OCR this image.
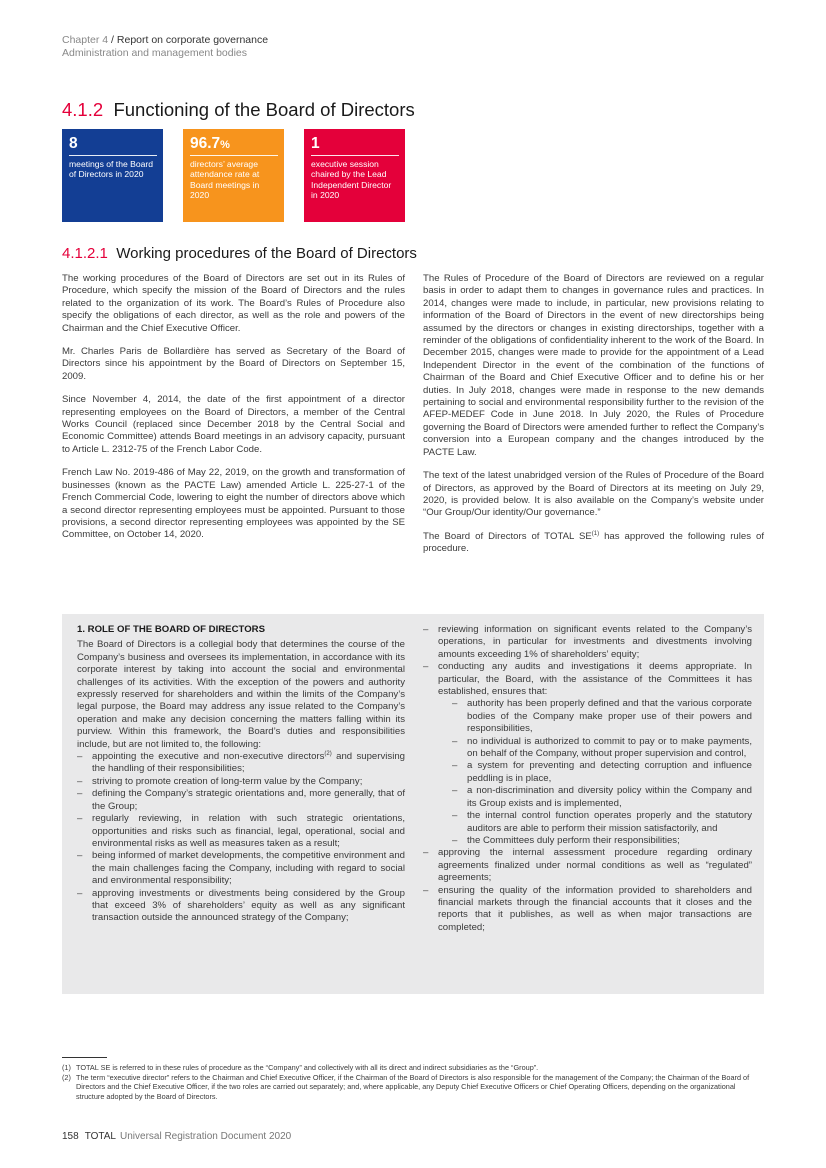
Chapter 4 / Report on corporate governance
Administration and management bodies
4.1.2 Functioning of the Board of Directors
8
meetings of the Board of Directors in 2020
96.7%
directors’ average attendance rate at Board meetings in 2020
1
executive session chaired by the Lead Independent Director in 2020
4.1.2.1 Working procedures of the Board of Directors

The working procedures of the Board of Directors are set out in its Rules of Procedure, which specify the mission of the Board of Directors and the rules related to the organization of its work. The Board’s Rules of Procedure also specify the obligations of each director, as well as the role and powers of the Chairman and the Chief Executive Officer.

Mr. Charles Paris de Bollardière has served as Secretary of the Board of Directors since his appointment by the Board of Directors on September 15, 2009.

Since November 4, 2014, the date of the first appointment of a director representing employees on the Board of Directors, a member of the Central Works Council (replaced since December 2018 by the Central Social and Economic Committee) attends Board meetings in an advisory capacity, pursuant to Article L. 2312-75 of the French Labor Code.

French Law No. 2019-486 of May 22, 2019, on the growth and transformation of businesses (known as the PACTE Law) amended Article L. 225-27-1 of the French Commercial Code, lowering to eight the number of directors above which a second director representing employees must be appointed. Pursuant to those provisions, a second director representing employees was appointed by the SE Committee, on October 14, 2020.

The Rules of Procedure of the Board of Directors are reviewed on a regular basis in order to adapt them to changes in governance rules and practices. In 2014, changes were made to include, in particular, new provisions relating to information of the Board of Directors in the event of new directorships being assumed by the directors or changes in existing directorships, together with a reminder of the obligations of confidentiality inherent to the work of the Board. In December 2015, changes were made to provide for the appointment of a Lead Independent Director in the event of the combination of the functions of Chairman of the Board and Chief Executive Officer and to define his or her duties. In July 2018, changes were made in response to the new demands pertaining to social and environmental responsibility further to the revision of the AFEP-MEDEF Code in June 2018. In July 2020, the Rules of Procedure governing the Board of Directors were amended further to reflect the Company’s conversion into a European company and the changes introduced by the PACTE Law.

The text of the latest unabridged version of the Rules of Procedure of the Board of Directors, as approved by the Board of Directors at its meeting on July 29, 2020, is provided below. It is also available on the Company’s website under “Our Group/Our identity/Our governance.”

The Board of Directors of TOTAL SE$^{(1)}$ has approved the following rules of procedure.

1. ROLE OF THE BOARD OF DIRECTORS

The Board of Directors is a collegial body that determines the course of the Company’s business and oversees its implementation, in accordance with its corporate interest by taking into account the social and environmental challenges of its activities. With the exception of the powers and authority expressly reserved for shareholders and within the limits of the Company’s legal purpose, the Board may address any issue related to the Company’s operation and make any decision concerning the matters falling within its purview. Within this framework, the Board’s duties and responsibilities include, but are not limited to, the following:

– appointing the executive and non-executive directors$^{(2)}$ and supervising the handling of their responsibilities;
– striving to promote creation of long-term value by the Company;
– defining the Company’s strategic orientations and, more generally, that of the Group;
– regularly reviewing, in relation with such strategic orientations, opportunities and risks such as financial, legal, operational, social and environmental risks as well as measures taken as a result;
– being informed of market developments, the competitive environment and the main challenges facing the Company, including with regard to social and environmental responsibility;
– approving investments or divestments being considered by the Group that exceed 3% of shareholders’ equity as well as any significant transaction outside the announced strategy of the Company;
– reviewing information on significant events related to the Company’s operations, in particular for investments and divestments involving amounts exceeding 1% of shareholders’ equity;
– conducting any audits and investigations it deems appropriate. In particular, the Board, with the assistance of the Committees it has established, ensures that:
– authority has been properly defined and that the various corporate bodies of the Company make proper use of their powers and responsibilities,
– no individual is authorized to commit to pay or to make payments, on behalf of the Company, without proper supervision and control,
– a system for preventing and detecting corruption and influence peddling is in place,
– a non-discrimination and diversity policy within the Company and its Group exists and is implemented,
– the internal control function operates properly and the statutory auditors are able to perform their mission satisfactorily, and
– the Committees duly perform their responsibilities;
– approving the internal assessment procedure regarding ordinary agreements finalized under normal conditions as well as “regulated” agreements;
– ensuring the quality of the information provided to shareholders and financial markets through the financial accounts that it closes and the reports that it publishes, as well as when major transactions are completed;
(1) TOTAL SE is referred to in these rules of procedure as the “Company” and collectively with all its direct and indirect subsidiaries as the “Group”.
(2) The term “executive director” refers to the Chairman and Chief Executive Officer, if the Chairman of the Board of Directors is also responsible for the management of the Company; the Chairman of the Board of Directors and the Chief Executive Officer, if the two roles are carried out separately; and, where applicable, any Deputy Chief Executive Officers or Chief Operating Officers, depending on the organizational structure adopted by the Board of Directors.
158 TOTAL Universal Registration Document 2020
